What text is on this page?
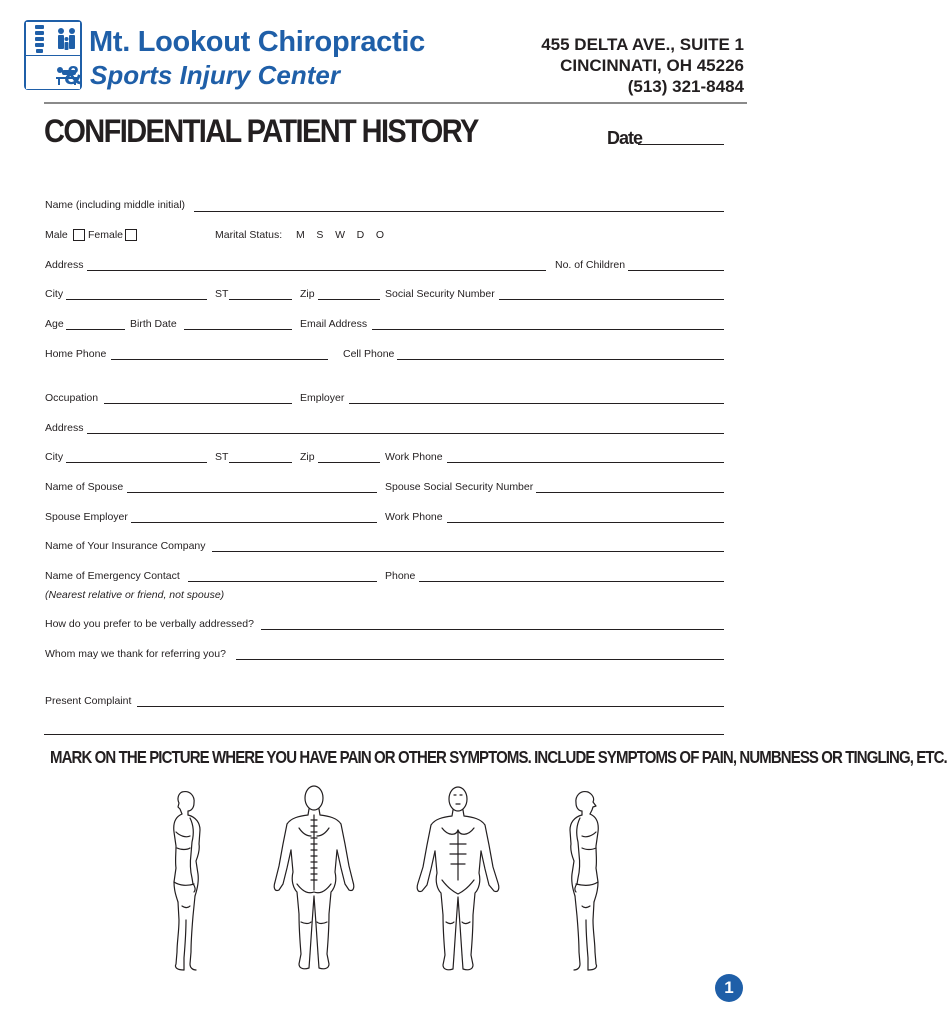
Mt. Lookout Chiropractic
& Sports Injury Center
455 DELTA AVE., SUITE 1
CINCINNATI, OH 45226
(513) 321-8484
CONFIDENTIAL PATIENT HISTORY	Date
Name (including middle initial)
Male Female	Marital Status: M    S    W    D    O
Address	No. of Children
City	ST	Zip	Social Security Number
Age	Birth Date	Email Address
Home Phone	Cell Phone
Occupation	Employer
Address
City	ST	Zip	Work Phone
Name of Spouse	Spouse Social Security Number
Spouse Employer	Work Phone
Name of Your Insurance Company
Name of Emergency Contact	Phone
(Nearest relative or friend, not spouse)
How do you prefer to be verbally addressed?
Whom may we thank for referring you?
Present Complaint
MARK ON THE PICTURE WHERE YOU HAVE PAIN OR OTHER SYMPTOMS. INCLUDE SYMPTOMS OF PAIN, NUMBNESS OR TINGLING, ETC.
1
